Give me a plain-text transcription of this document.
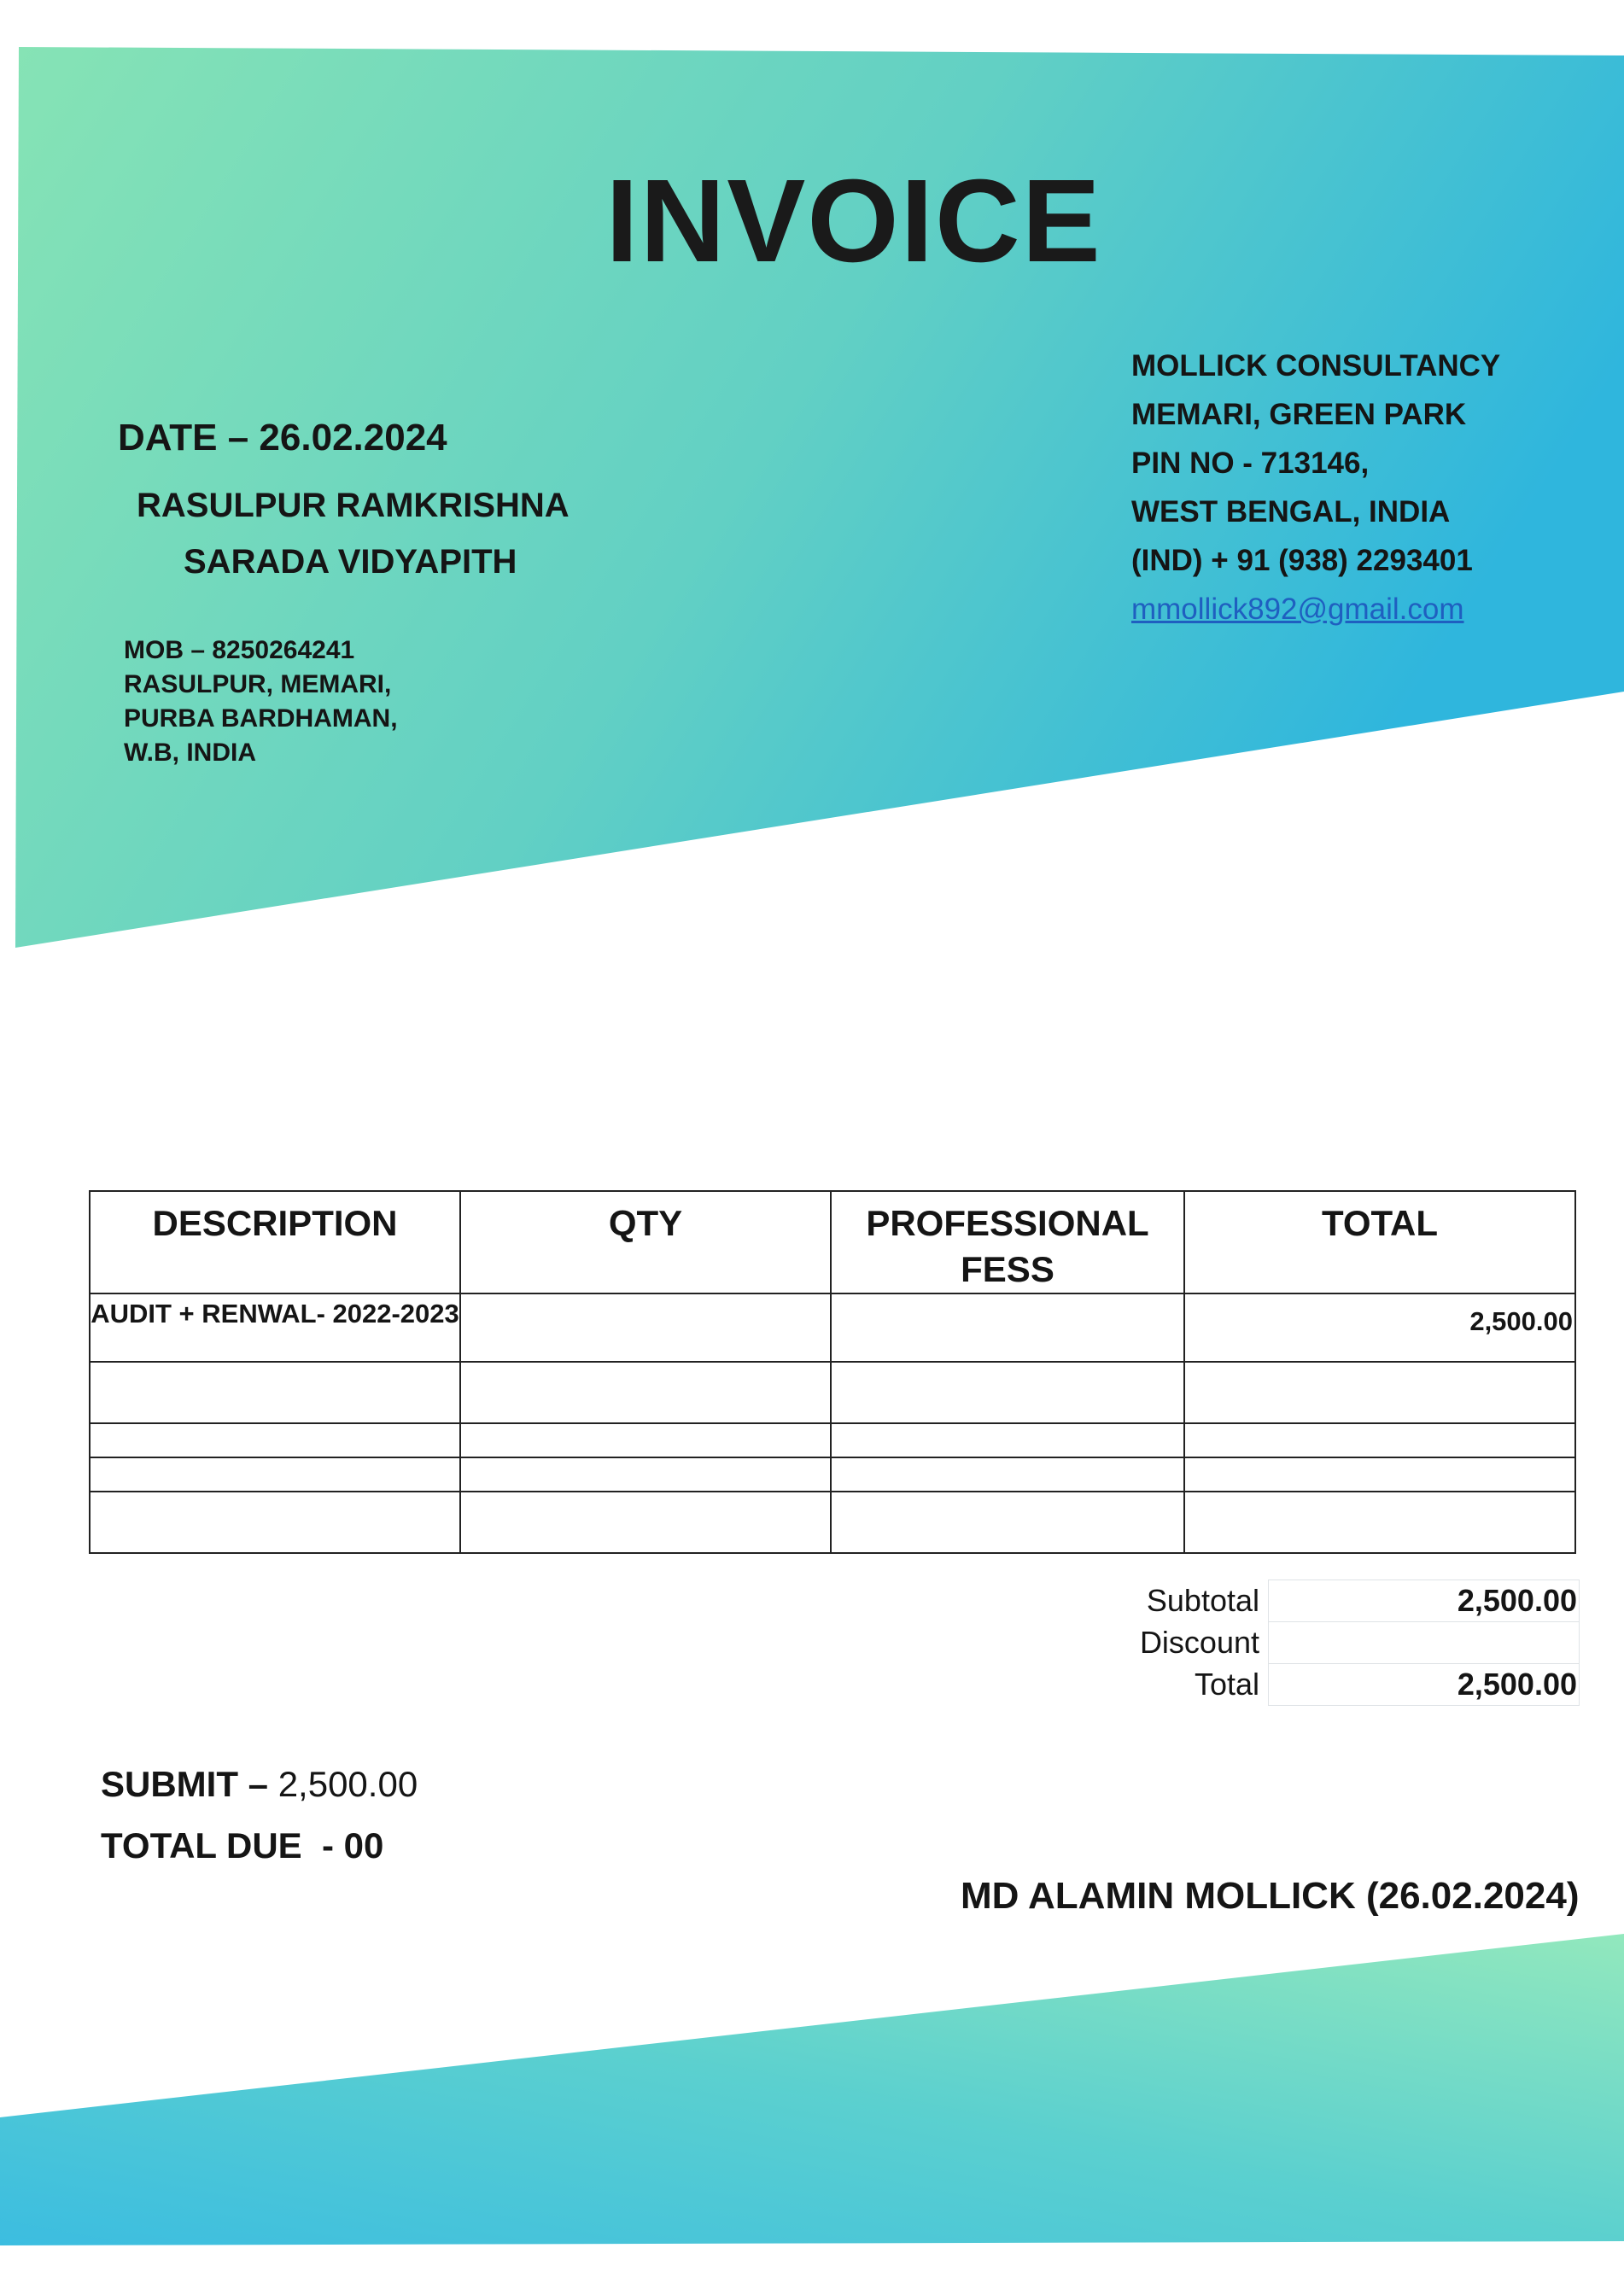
INVOICE
DATE – 26.02.2024
RASULPUR RAMKRISHNA
SARADA VIDYAPITH
MOB – 8250264241
RASULPUR, MEMARI,
PURBA BARDHAMAN,
W.B, INDIA
MOLLICK CONSULTANCY
MEMARI, GREEN PARK
PIN NO - 713146,
WEST BENGAL, INDIA
(IND) + 91 (938) 2293401
mmollick892@gmail.com
DESCRIPTION	QTY	PROFESSIONAL FESS	TOTAL
AUDIT + RENWAL- 2022-2023			2,500.00

Subtotal	2,500.00
Discount	
Total	2,500.00
SUBMIT – 2,500.00
TOTAL DUE - 00
MD ALAMIN MOLLICK (26.02.2024)
